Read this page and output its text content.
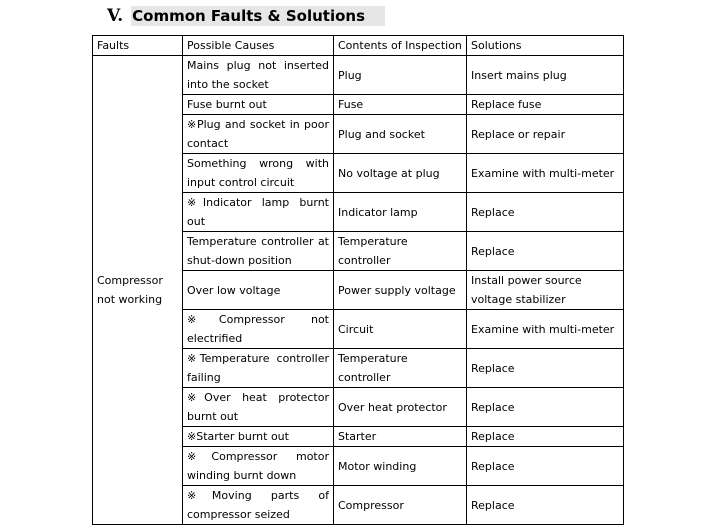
V. Common Faults & Solutions
Faults	Possible Causes	Contents of Inspection	Solutions
Compressor not working	Mains plug not inserted into the socket	Plug	Insert mains plug
	Fuse burnt out	Fuse	Replace fuse
	※Plug and socket in poor contact	Plug and socket	Replace or repair
	Something wrong with input control circuit	No voltage at plug	Examine with multi-meter
	※Indicator lamp burnt out	Indicator lamp	Replace
	Temperature controller at shut-down position	Temperature controller	Replace
	Over low voltage	Power supply voltage	Install power source voltage stabilizer
	※Compressor not electrified	Circuit	Examine with multi-meter
	※Temperature controller failing	Temperature controller	Replace
	※Over heat protector burnt out	Over heat protector	Replace
	※Starter burnt out	Starter	Replace
	※Compressor motor winding burnt down	Motor winding	Replace
	※Moving parts of compressor seized	Compressor	Replace
